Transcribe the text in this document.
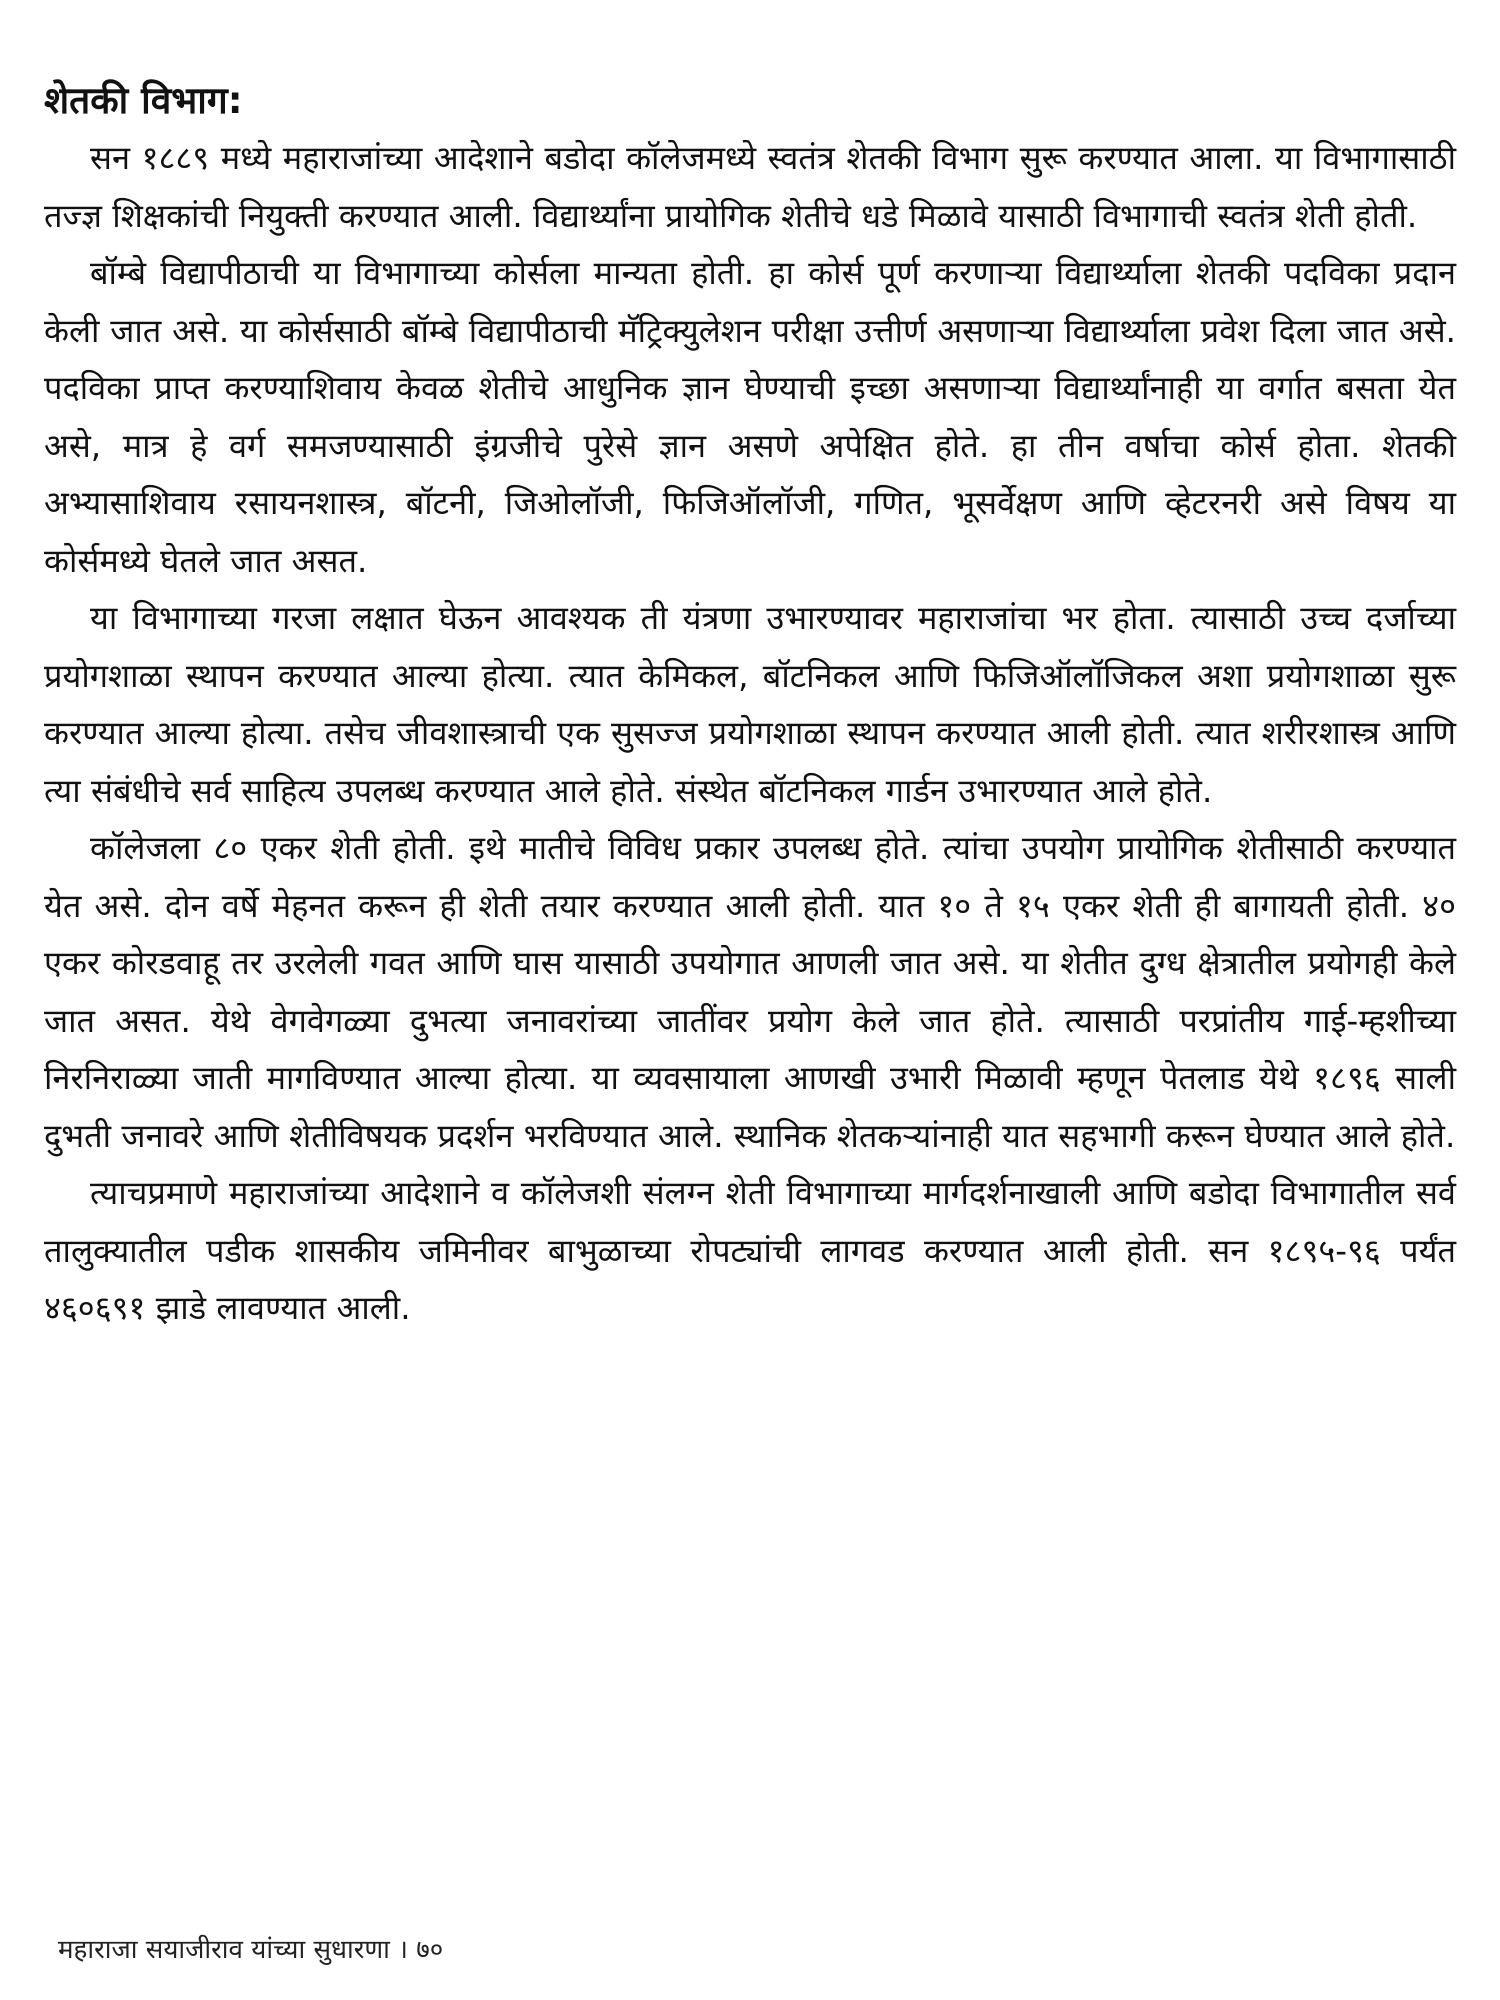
शेतकी विभाग:

सन १८८९ मध्ये महाराजांच्या आदेशाने बडोदा कॉलेजमध्ये स्वतंत्र शेतकी विभाग सुरू करण्यात आला. या विभागासाठी तज्ज्ञ शिक्षकांची नियुक्ती करण्यात आली. विद्यार्थ्यांना प्रायोगिक शेतीचे धडे मिळावे यासाठी विभागाची स्वतंत्र शेती होती.

बॉम्बे विद्यापीठाची या विभागाच्या कोर्सला मान्यता होती. हा कोर्स पूर्ण करणाऱ्या विद्यार्थ्याला शेतकी पदविका प्रदान केली जात असे. या कोर्ससाठी बॉम्बे विद्यापीठाची मॅट्रिक्युलेशन परीक्षा उत्तीर्ण असणाऱ्या विद्यार्थ्याला प्रवेश दिला जात असे. पदविका प्राप्त करण्याशिवाय केवळ शेतीचे आधुनिक ज्ञान घेण्याची इच्छा असणाऱ्या विद्यार्थ्यांनाही या वर्गात बसता येत असे, मात्र हे वर्ग समजण्यासाठी इंग्रजीचे पुरेसे ज्ञान असणे अपेक्षित होते. हा तीन वर्षाचा कोर्स होता. शेतकी अभ्यासाशिवाय रसायनशास्त्र, बॉटनी, जिओलॉजी, फिजिऑलॉजी, गणित, भूसर्वेक्षण आणि व्हेटरनरी असे विषय या कोर्समध्ये घेतले जात असत.

या विभागाच्या गरजा लक्षात घेऊन आवश्यक ती यंत्रणा उभारण्यावर महाराजांचा भर होता. त्यासाठी उच्च दर्जाच्या प्रयोगशाळा स्थापन करण्यात आल्या होत्या. त्यात केमिकल, बॉटनिकल आणि फिजिऑलॉजिकल अशा प्रयोगशाळा सुरू करण्यात आल्या होत्या. तसेच जीवशास्त्राची एक सुसज्ज प्रयोगशाळा स्थापन करण्यात आली होती. त्यात शरीरशास्त्र आणि त्या संबंधीचे सर्व साहित्य उपलब्ध करण्यात आले होते. संस्थेत बॉटनिकल गार्डन उभारण्यात आले होते.

कॉलेजला ८० एकर शेती होती. इथे मातीचे विविध प्रकार उपलब्ध होते. त्यांचा उपयोग प्रायोगिक शेतीसाठी करण्यात येत असे. दोन वर्षे मेहनत करून ही शेती तयार करण्यात आली होती. यात १० ते १५ एकर शेती ही बागायती होती. ४० एकर कोरडवाहू तर उरलेली गवत आणि घास यासाठी उपयोगात आणली जात असे. या शेतीत दुग्ध क्षेत्रातील प्रयोगही केले जात असत. येथे वेगवेगळ्या दुभत्या जनावरांच्या जातींवर प्रयोग केले जात होते. त्यासाठी परप्रांतीय गाई-म्हशीच्या निरनिराळ्या जाती मागविण्यात आल्या होत्या. या व्यवसायाला आणखी उभारी मिळावी म्हणून पेतलाड येथे १८९६ साली दुभती जनावरे आणि शेतीविषयक प्रदर्शन भरविण्यात आले. स्थानिक शेतकऱ्यांनाही यात सहभागी करून घेण्यात आले होते.

त्याचप्रमाणे महाराजांच्या आदेशाने व कॉलेजशी संलग्न शेती विभागाच्या मार्गदर्शनाखाली आणि बडोदा विभागातील सर्व तालुक्यातील पडीक शासकीय जमिनीवर बाभुळाच्या रोपट्यांची लागवड करण्यात आली होती. सन १८९५-९६ पर्यंत ४६०६९१ झाडे लावण्यात आली.

महाराजा सयाजीराव यांच्या सुधारणा । ७०
